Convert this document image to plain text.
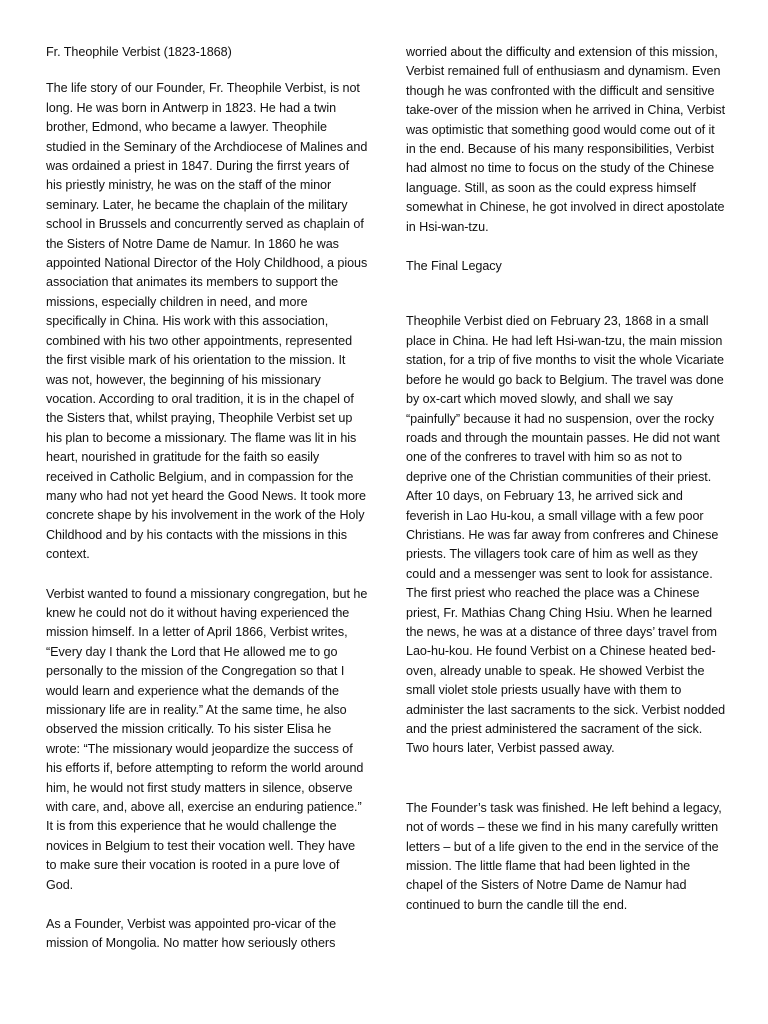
Fr. Theophile Verbist (1823-1868)

The life story of our Founder, Fr. Theophile Verbist, is not long. He was born in Antwerp in 1823. He had a twin brother, Edmond, who became a lawyer. Theophile studied in the Seminary of the Archdiocese of Malines and was ordained a priest in 1847. During the firrst years of his priestly ministry, he was on the staff of the minor seminary. Later, he became the chaplain of the military school in Brussels and concurrently served as chaplain of the Sisters of Notre Dame de Namur. In 1860 he was appointed National Director of the Holy Childhood, a pious association that animates its members to support the missions, especially children in need, and more specifically in China. His work with this association, combined with his two other appointments, represented the first visible mark of his orientation to the mission. It was not, however, the beginning of his missionary vocation. According to oral tradition, it is in the chapel of the Sisters that, whilst praying, Theophile Verbist set up his plan to become a missionary. The flame was lit in his heart, nourished in gratitude for the faith so easily received in Catholic Belgium, and in compassion for the many who had not yet heard the Good News. It took more concrete shape by his involvement in the work of the Holy Childhood and by his contacts with the missions in this context.

Verbist wanted to found a missionary congregation, but he knew he could not do it without having experienced the mission himself. In a letter of April 1866, Verbist writes, “Every day I thank the Lord that He allowed me to go personally to the mission of the Congregation so that I would learn and experience what the demands of the missionary life are in reality.” At the same time, he also observed the mission critically. To his sister Elisa he wrote: “The missionary would jeopardize the success of his efforts if, before attempting to reform the world around him, he would not first study matters in silence, observe with care, and, above all, exercise an enduring patience.” It is from this experience that he would challenge the novices in Belgium to test their vocation well. They have to make sure their vocation is rooted in a pure love of God.

As a Founder, Verbist was appointed pro-vicar of the mission of Mongolia. No matter how seriously others

worried about the difficulty and extension of this mission, Verbist remained full of enthusiasm and dynamism. Even though he was confronted with the difficult and sensitive take-over of the mission when he arrived in China, Verbist was optimistic that something good would come out of it in the end. Because of his many responsibilities, Verbist had almost no time to focus on the study of the Chinese language. Still, as soon as the could express himself somewhat in Chinese, he got involved in direct apostolate in Hsi-wan-tzu.

The Final Legacy

Theophile Verbist died on February 23, 1868 in a small place in China. He had left Hsi-wan-tzu, the main mission station, for a trip of five months to visit the whole Vicariate before he would go back to Belgium. The travel was done by ox-cart which moved slowly, and shall we say “painfully” because it had no suspension, over the rocky roads and through the mountain passes. He did not want one of the confreres to travel with him so as not to deprive one of the Christian communities of their priest. After 10 days, on February 13, he arrived sick and feverish in Lao Hu-kou, a small village with a few poor Christians. He was far away from confreres and Chinese priests. The villagers took care of him as well as they could and a messenger was sent to look for assistance. The first priest who reached the place was a Chinese priest, Fr. Mathias Chang Ching Hsiu. When he learned the news, he was at a distance of three days’ travel from Lao-hu-kou. He found Verbist on a Chinese heated bed-oven, already unable to speak. He showed Verbist the small violet stole priests usually have with them to administer the last sacraments to the sick. Verbist nodded and the priest administered the sacrament of the sick. Two hours later, Verbist passed away.

The Founder’s task was finished. He left behind a legacy, not of words – these we find in his many carefully written letters – but of a life given to the end in the service of the mission. The little flame that had been lighted in the chapel of the Sisters of Notre Dame de Namur had continued to burn the candle till the end.
